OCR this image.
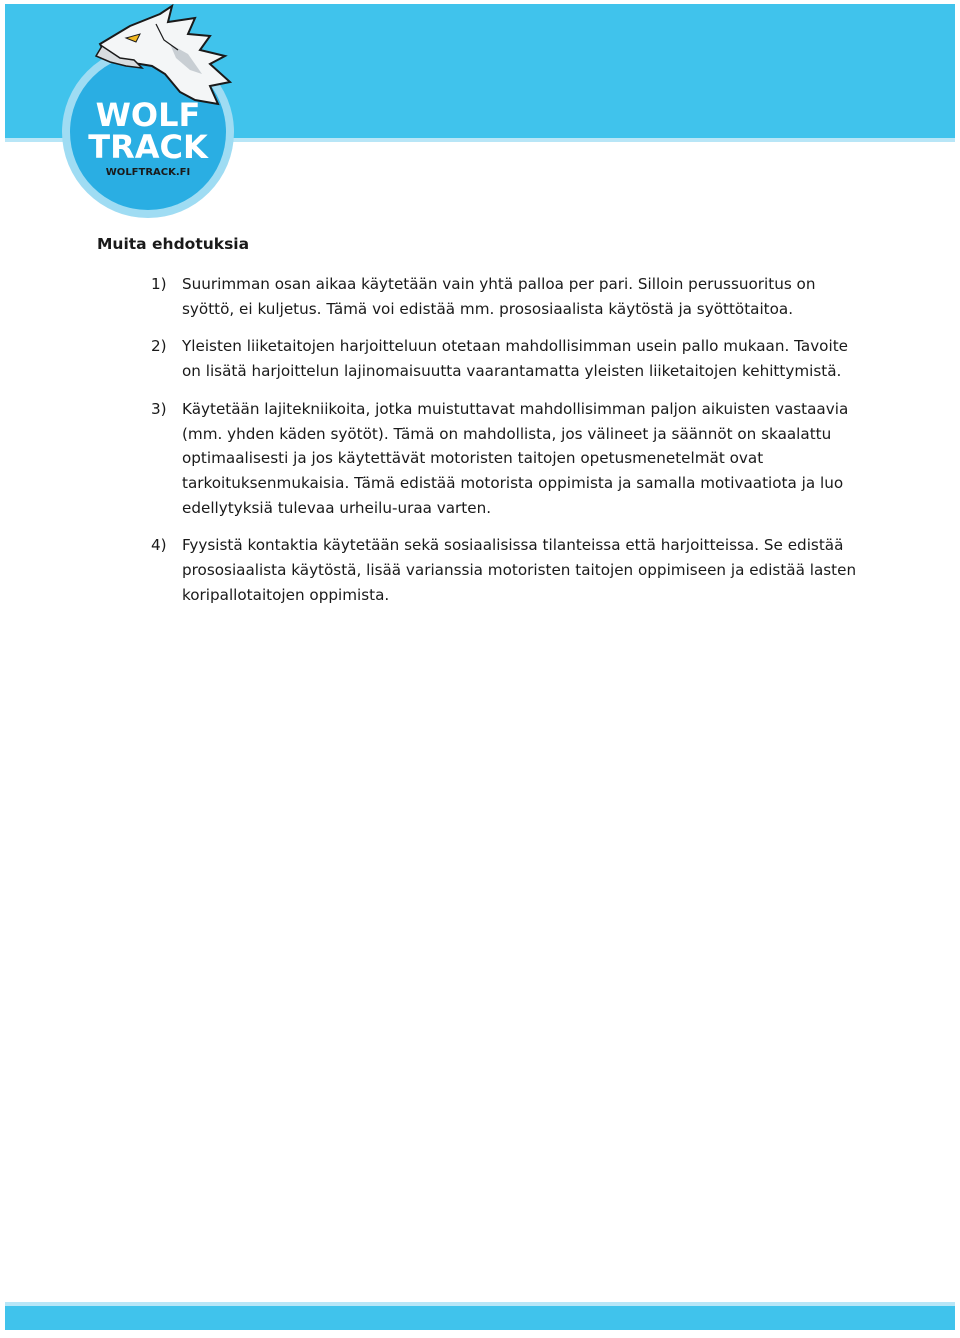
WOLF
TRACK
WOLFTRACK.FI
Muita ehdotuksia
1) Suurimman osan aikaa käytetään vain yhtä palloa per pari. Silloin perussuoritus on syöttö, ei kuljetus. Tämä voi edistää mm. prososiaalista käytöstä ja syöttötaitoa.
2) Yleisten liiketaitojen harjoitteluun otetaan mahdollisimman usein pallo mukaan. Tavoite on lisätä harjoittelun lajinomaisuutta vaarantamatta yleisten liiketaitojen kehittymistä.
3) Käytetään lajitekniikoita, jotka muistuttavat mahdollisimman paljon aikuisten vastaavia (mm. yhden käden syötöt). Tämä on mahdollista, jos välineet ja säännöt on skaalattu optimaalisesti ja jos käytettävät motoristen taitojen opetusmenetelmät ovat tarkoituksenmukaisia. Tämä edistää motorista oppimista ja samalla motivaatiota ja luo edellytyksiä tulevaa urheilu-uraa varten.
4) Fyysistä kontaktia käytetään sekä sosiaalisissa tilanteissa että harjoitteissa. Se edistää prososiaalista käytöstä, lisää varianssia motoristen taitojen oppimiseen ja edistää lasten koripallotaitojen oppimista.
